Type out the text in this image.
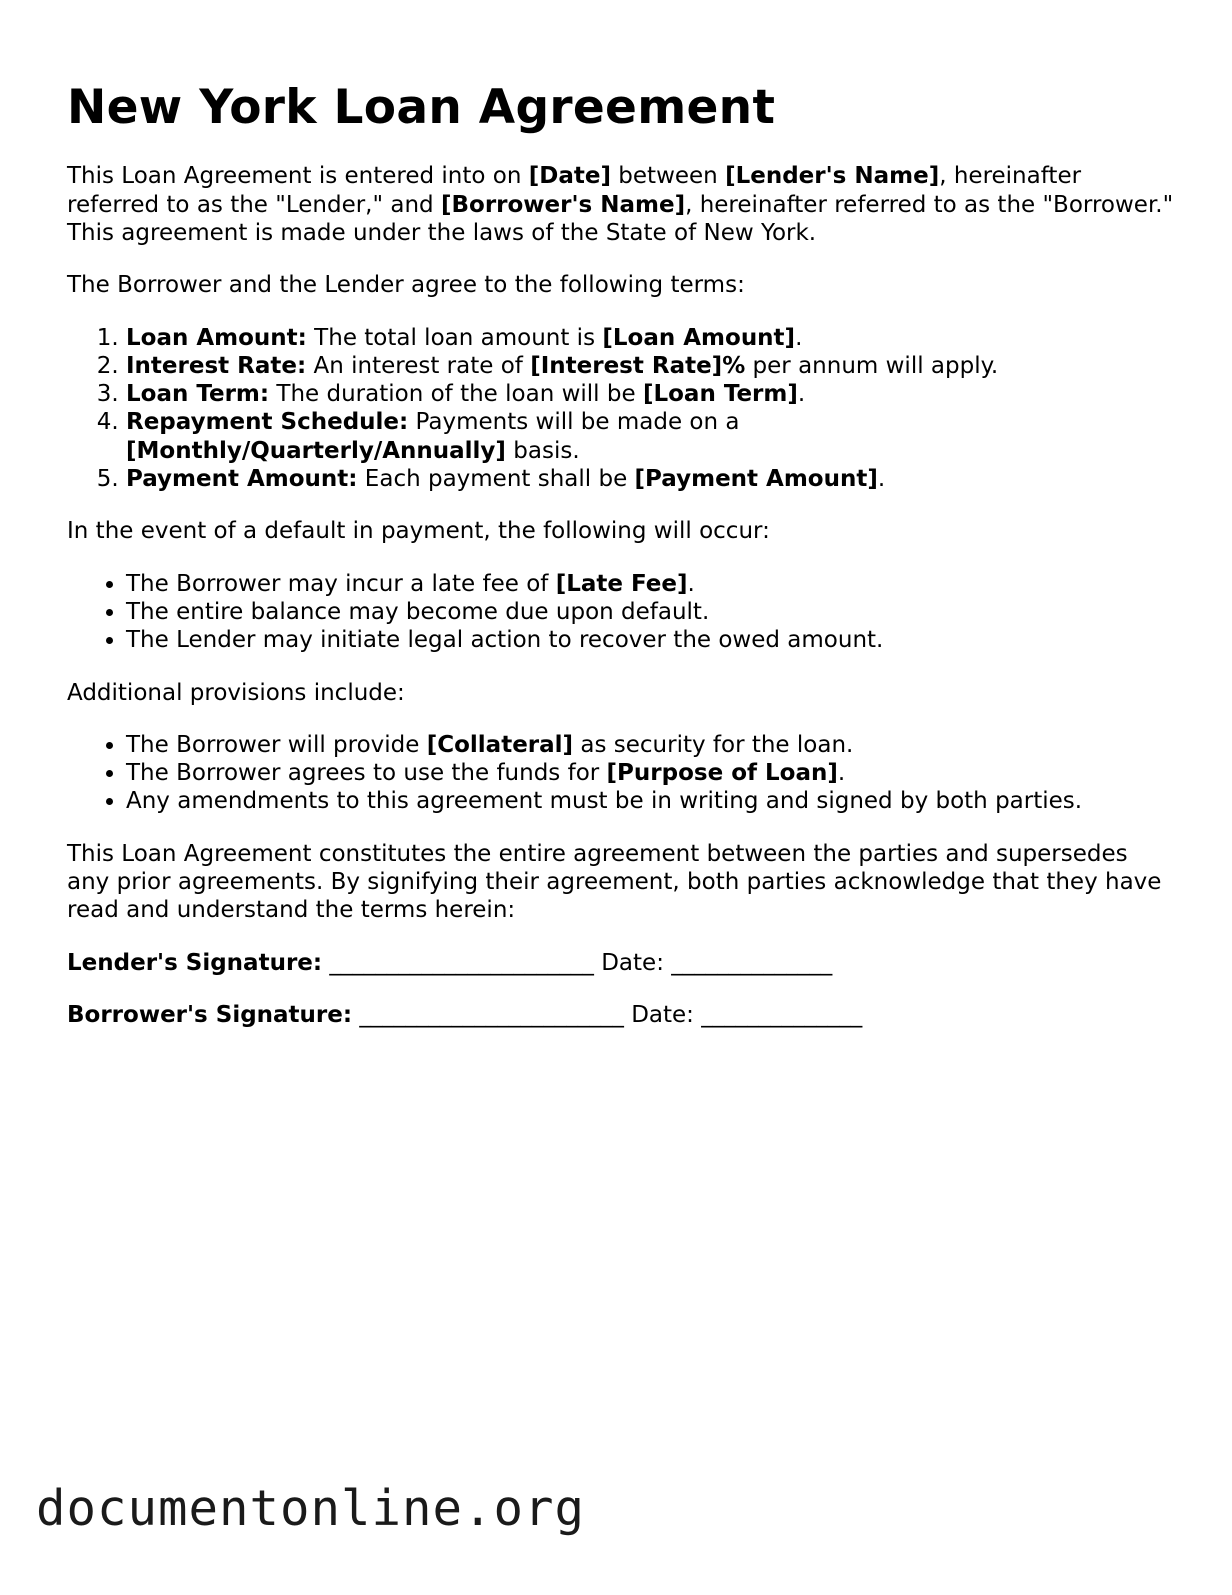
New York Loan Agreement

This Loan Agreement is entered into on [Date] between [Lender's Name], hereinafter referred to as the "Lender," and [Borrower's Name], hereinafter referred to as the "Borrower." This agreement is made under the laws of the State of New York.

The Borrower and the Lender agree to the following terms:

1. Loan Amount: The total loan amount is [Loan Amount].
2. Interest Rate: An interest rate of [Interest Rate]% per annum will apply.
3. Loan Term: The duration of the loan will be [Loan Term].
4. Repayment Schedule: Payments will be made on a
[Monthly/Quarterly/Annually] basis.
5. Payment Amount: Each payment shall be [Payment Amount].

In the event of a default in payment, the following will occur:

• The Borrower may incur a late fee of [Late Fee].
• The entire balance may become due upon default.
• The Lender may initiate legal action to recover the owed amount.

Additional provisions include:

• The Borrower will provide [Collateral] as security for the loan.
• The Borrower agrees to use the funds for [Purpose of Loan].
• Any amendments to this agreement must be in writing and signed by both parties.

This Loan Agreement constitutes the entire agreement between the parties and supersedes any prior agreements. By signifying their agreement, both parties acknowledge that they have read and understand the terms herein:

Lender's Signature: _______________________ Date: ______________
Borrower's Signature: _______________________ Date: ______________
documentonline.org
